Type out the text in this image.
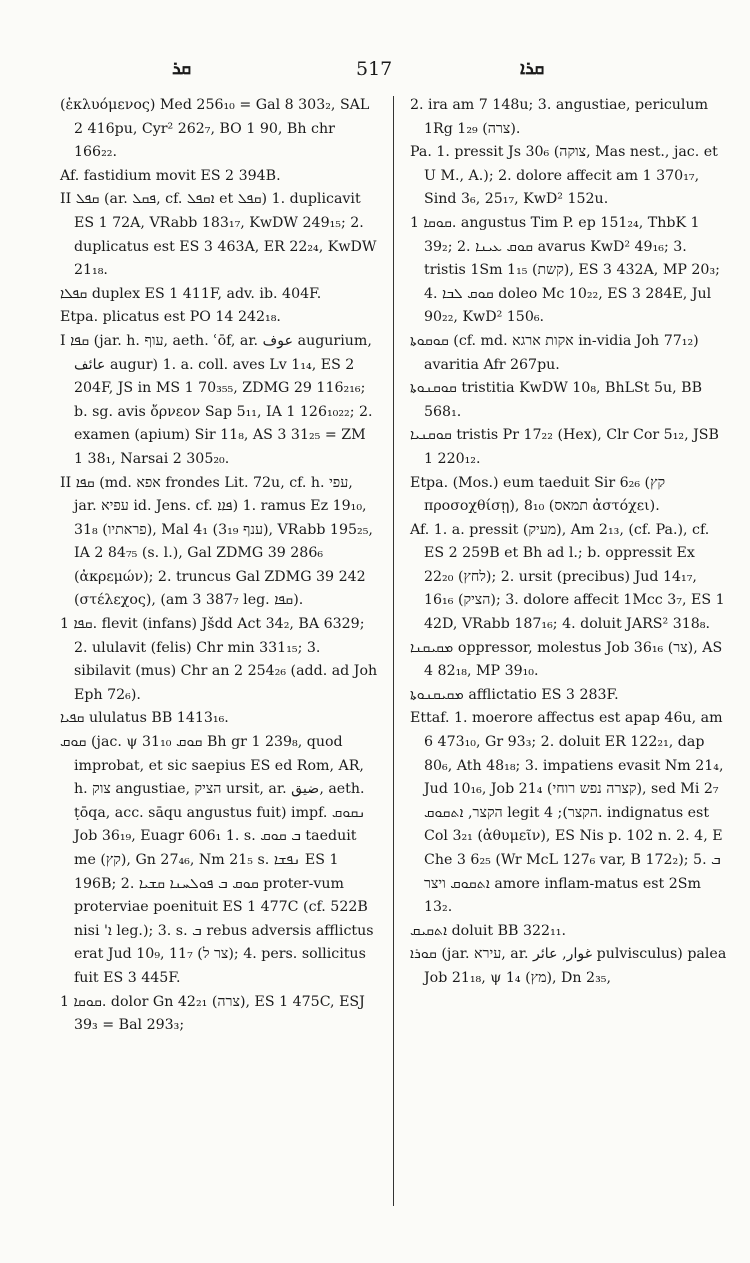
ܩܪ	517	ܩܪܐ

(ἐκλυόμενος) Med 256₁₀ = Gal 8 303₂, SAL 2 416pu, Cyr² 262₇, BO 1 90, Bh chr 166₂₂.

Af. fastidium movit ES 2 394B.

II ܩܦܠ (ar. ܦܩܠ, cf. ܐܩܦܠ et ܩܦܠ) 1. duplicavit ES 1 72A, VRabb 183₁₇, KwDW 249₁₅; 2. duplicatus est ES 3 463A, ER 22₂₄, KwDW 21₁₈.

ܩܦܠܐ duplex ES 1 411F, adv. ib. 404F.

Etpa. plicatus est PO 14 242₁₈.

I ܩܦܐ (jar. h. עוף, aeth. ʿōf, ar. عوف augurium, عائف augur) 1. a. coll. aves Lv 1₁₄, ES 2 204F, JS in MS 1 70₃₅₅, ZDMG 29 116₂₁₆; b. sg. avis ὄρνεον Sap 5₁₁, IA 1 126₁₀₂₂; 2. examen (apium) Sir 11₈, AS 3 31₂₅ = ZM 1 38₁, Narsai 2 305₂₀.

II ܩܦܐ (md. אפא frondes Lit. 72u, cf. h. עפי, jar. עפיא id. Jens. cf. ܦܐܐ) 1. ramus Ez 19₁₀, 31₈ (פראתיו), Mal 4₁ (3₁₉ ענף), VRabb 195₂₅, IA 2 84₇₅ (s. l.), Gal ZDMG 39 286₆ (ἀκρεμών); 2. truncus Gal ZDMG 39 242 (στέλεχος), (am 3 387₇ leg. ܩܦܐ).

ܩܦܐ 1. flevit (infans) Jšdd Act 34₂, BA 6329; 2. ululavit (felis) Chr min 331₁₅; 3. sibilavit (mus) Chr an 2 254₂₆ (add. ad Joh Eph 72₆).

ܩܦܝܐ ululatus BB 1413₁₆.

ܩܘܩ (jac. ψ 31₁₀ ܩܘܩ Bh gr 1 239₈, quod improbat, et sic saepius ES ed Rom, AR, h. צוק angustiae, הציק ursit, ar. ضيق, aeth. ṭōqa, acc. sāqu angustus fuit) impf. ܢܩܘܩ Job 36₁₉, Euagr 606₁ 1. s. ܒ ܩܘܩ taeduit me (קץ), Gn 27₄₆, Nm 21₅ s. ܢܦܫܐ ES 1 196B; 2. ܩܘܩ ܒ ܦܘܠܚܢܐ ܩܫܝܐ proter-vum proterviae poenituit ES 1 477C (cf. 522B nisi 'ܐ leg.); 3. s. ܒ rebus adversis afflictus erat Jud 10₉, 11₇ (צר ל); 4. pers. sollicitus fuit ES 3 445F.

ܩܘܩܐ 1. dolor Gn 42₂₁ (צרה), ES 1 475C, ESJ 39₃ = Bal 293₃;

2. ira am 7 148u; 3. angustiae, periculum 1Rg 1₂₉ (צרה).

Pa. 1. pressit Js 30₆ (צוקה, Mas nest., jac. et U M., A.); 2. dolore affecit am 1 370₁₇, Sind 3₆, 25₁₇, KwD² 152u.

ܩܘܩܐ 1. angustus Tim P. ep 151₂₄, ThbK 1 39₂; 2. ܩܘܩ ܥܝܢܐ avarus KwD² 49₁₆; 3. tristis 1Sm 1₁₅ (קשת), ES 3 432A, MP 20₃; 4. ܩܘܩ ܠܒܐ doleo Mc 10₂₂, ES 3 284E, Jul 90₂₂, KwD² 150₆.

ܩܘܩܘܬܐ (cf. md. אקות ארגא in-vidia Joh 77₁₂) avaritia Afr 267pu.

ܩܘܩܢܘܬܐ tristitia KwDW 10₈, BhLSt 5u, BB 568₁.

ܩܘܩܢܝܐ tristis Pr 17₂₂ (Hex), Clr Cor 5₁₂, JSB 1 220₁₂.

Etpa. (Mos.) eum taeduit Sir 6₂₆ (קץ προσοχθίσῃ), 8₁₀ (תמאס ἀστόχει).

Af. 1. a. pressit (מעיק), Am 2₁₃, (cf. Pa.), cf. ES 2 259B et Bh ad l.; b. oppressit Ex 22₂₀ (לחץ); 2. ursit (precibus) Jud 14₁₇, 16₁₆ (הציק); 3. dolore affecit 1Mcc 3₇, ES 1 42D, VRabb 187₁₆; 4. doluit JARS² 318₈.

ܡܩܝܩܢܐ oppressor, molestus Job 36₁₆ (צר), AS 4 82₁₈, MP 39₁₀.

ܡܩܝܩܢܘܬܐ afflictatio ES 3 283F.

Ettaf. 1. moerore affectus est apap 46u, am 6 473₁₀, Gr 93₃; 2. doluit ER 122₂₁, dap 80₆, Ath 48₁₈; 3. impatiens evasit Nm 21₄, Jud 10₁₆, Job 21₄ (קצרה נפש רוחי), sed Mi 2₇ הקצר, ܐܬܩܘܩ legit הקצר); 4. indignatus est Col 3₂₁ (ἀθυμεῖν), ES Nis p. 102 n. 2. 4, E Che 3 6₂₅ (Wr McL 127₆ var, B 172₂); 5. ܒ ܐܬܩܘܩ ויצר amore inflam-matus est 2Sm 13₂.

ܐܬܩܝܩ doluit BB 322₁₁.

ܩܘܪܐ (jar. עירא, ar. غوار, عائر pulvisculus) palea Job 21₁₈, ψ 1₄ (מץ), Dn 2₃₅,
